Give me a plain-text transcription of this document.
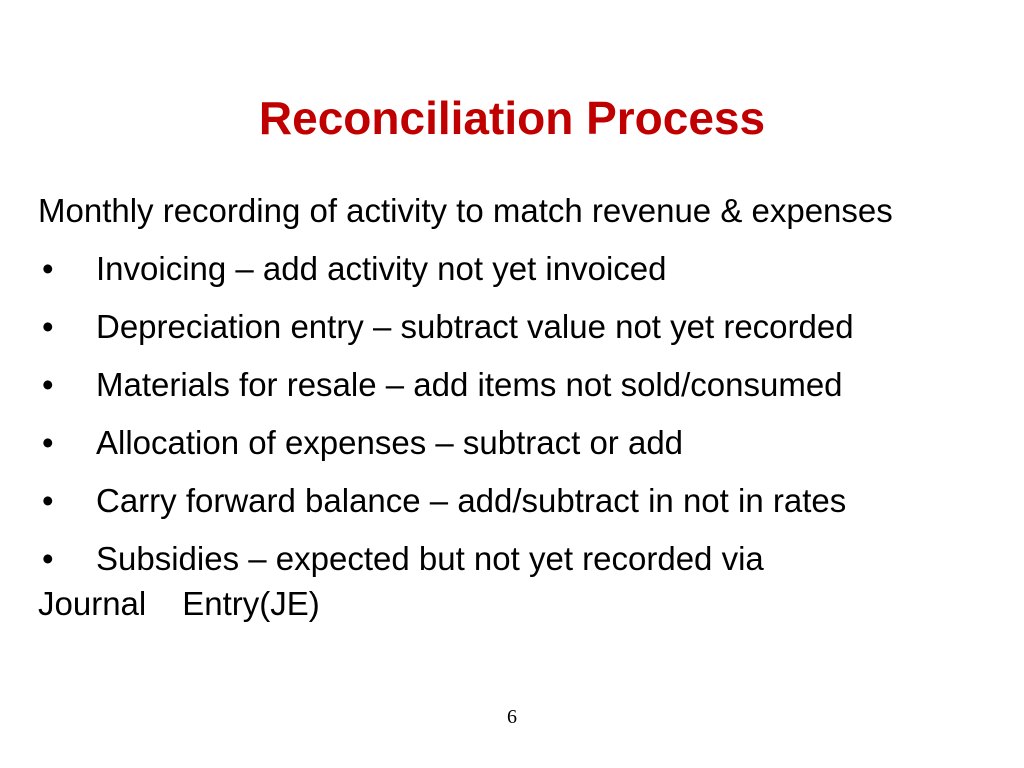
Reconciliation Process

Monthly recording of activity to match revenue & expenses

• Invoicing – add activity not yet invoiced
• Depreciation entry – subtract value not yet recorded
• Materials for resale – add items not sold/consumed
• Allocation of expenses – subtract or add
• Carry forward balance – add/subtract in not in rates
• Subsidies – expected but not yet recorded via
Journal Entry(JE)

6
